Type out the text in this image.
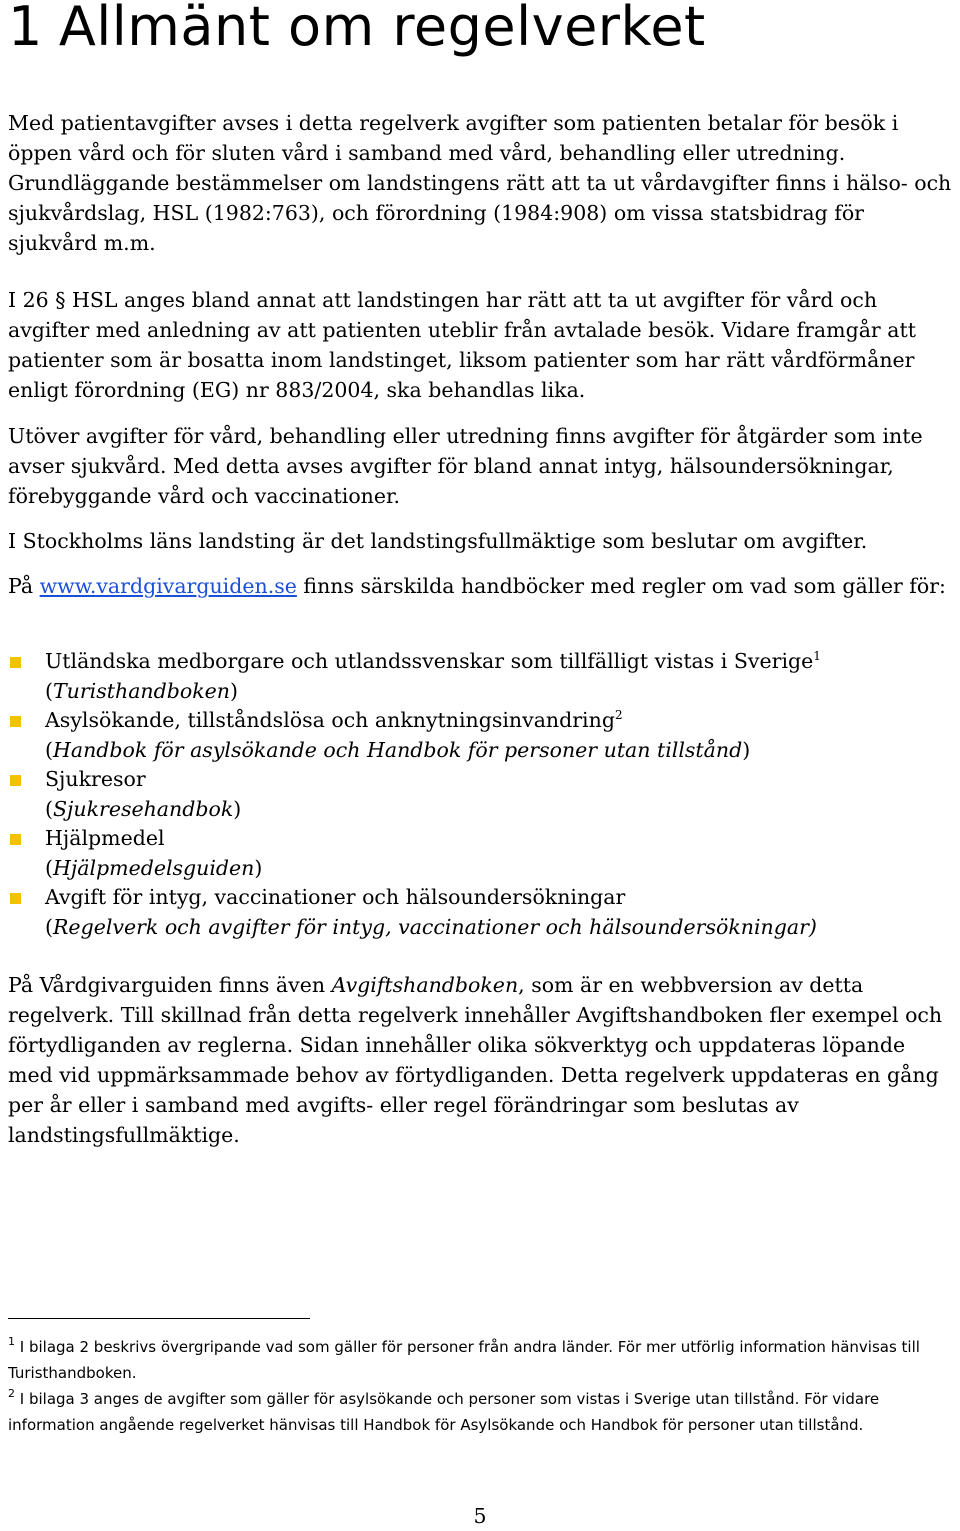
1 Allmänt om regelverket

Med patientavgifter avses i detta regelverk avgifter som patienten betalar för besök i öppen vård och för sluten vård i samband med vård, behandling eller utredning. Grundläggande bestämmelser om landstingens rätt att ta ut vårdavgifter finns i hälso- och sjukvårdslag, HSL (1982:763), och förordning (1984:908) om vissa statsbidrag för sjukvård m.m.

I 26 § HSL anges bland annat att landstingen har rätt att ta ut avgifter för vård och avgifter med anledning av att patienten uteblir från avtalade besök. Vidare framgår att patienter som är bosatta inom landstinget, liksom patienter som har rätt vårdförmåner enligt förordning (EG) nr 883/2004, ska behandlas lika.

Utöver avgifter för vård, behandling eller utredning finns avgifter för åtgärder som inte avser sjukvård. Med detta avses avgifter för bland annat intyg, hälsoundersökningar, förebyggande vård och vaccinationer.

I Stockholms läns landsting är det landstingsfullmäktige som beslutar om avgifter.

På www.vardgivarguiden.se finns särskilda handböcker med regler om vad som gäller för:

Utländska medborgare och utlandssvenskar som tillfälligt vistas i Sverige$^1$
(Turisthandboken)
Asylsökande, tillståndslösa och anknytningsinvandring$^2$
(Handbok för asylsökande och Handbok för personer utan tillstånd)
Sjukresor
(Sjukresehandbok)
Hjälpmedel
(Hjälpmedelsguiden)
Avgift för intyg, vaccinationer och hälsoundersökningar
(Regelverk och avgifter för intyg, vaccinationer och hälsoundersökningar)

På Vårdgivarguiden finns även Avgiftshandboken, som är en webbversion av detta regelverk. Till skillnad från detta regelverk innehåller Avgiftshandboken fler exempel och förtydliganden av reglerna. Sidan innehåller olika sökverktyg och uppdateras löpande med vid uppmärksammade behov av förtydliganden. Detta regelverk uppdateras en gång per år eller i samband med avgifts- eller regel förändringar som beslutas av landstingsfullmäktige.

$^1$ I bilaga 2 beskrivs övergripande vad som gäller för personer från andra länder. För mer utförlig information hänvisas till Turisthandboken.

$^2$ I bilaga 3 anges de avgifter som gäller för asylsökande och personer som vistas i Sverige utan tillstånd. För vidare information angående regelverket hänvisas till Handbok för Asylsökande och Handbok för personer utan tillstånd.

5
